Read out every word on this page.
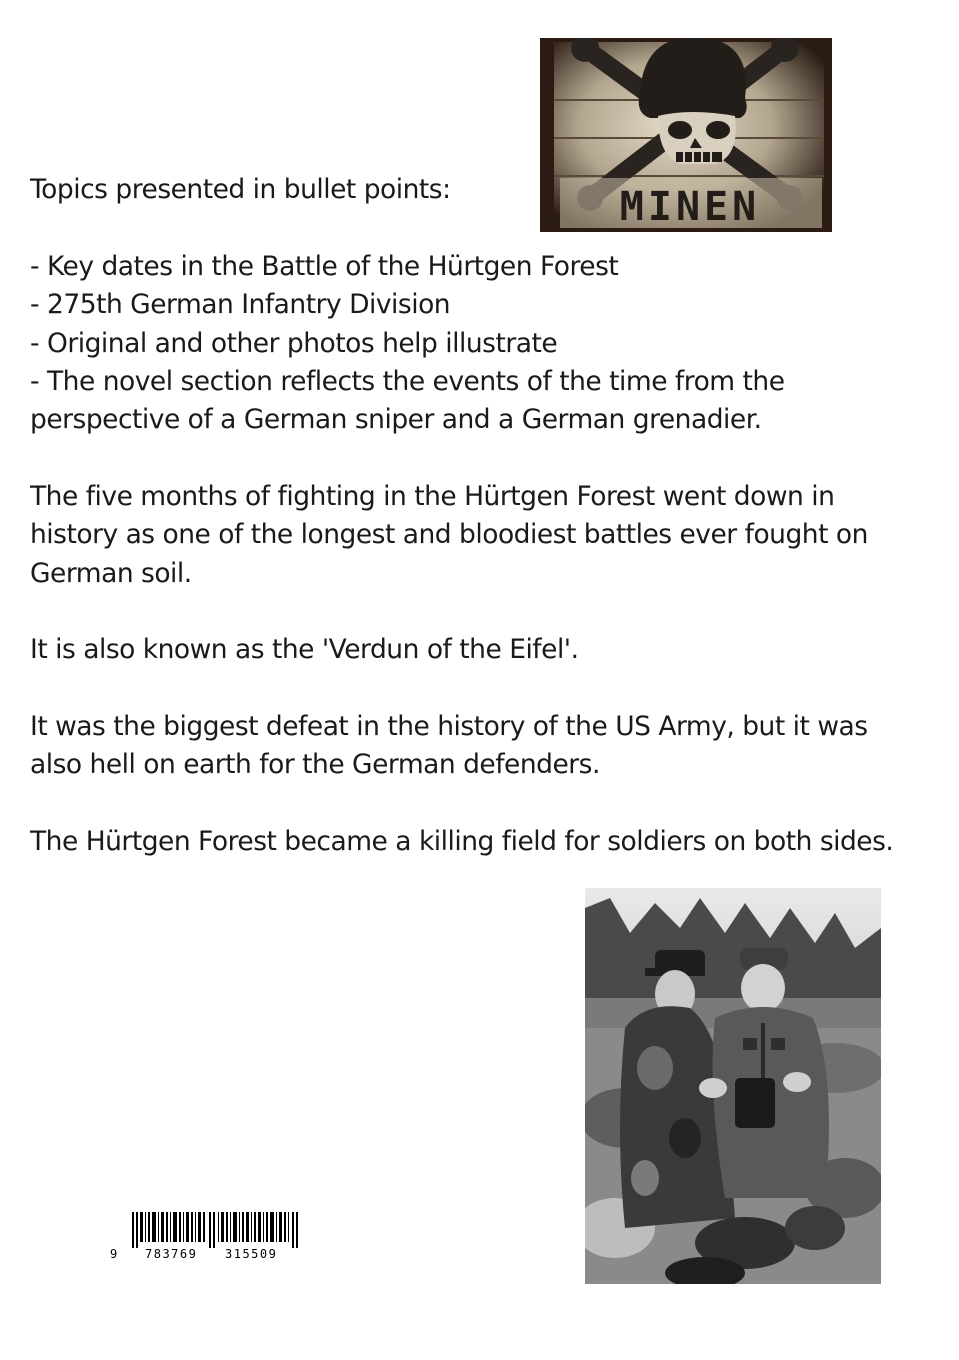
MINEN

Topics presented in bullet points:

- Key dates in the Battle of the Hürtgen Forest

- 275th German Infantry Division

- Original and other photos help illustrate

- The novel section reflects the events of the time from the perspective of a German sniper and a German grenadier.

The five months of fighting in the Hürtgen Forest went down in history as one of the longest and bloodiest battles ever fought on German soil.

It is also known as the 'Verdun of the Eifel'.

It was the biggest defeat in the history of the US Army, but it was also hell on earth for the German defenders.

The Hürtgen Forest became a killing field for soldiers on both sides.

9 783769 315509
